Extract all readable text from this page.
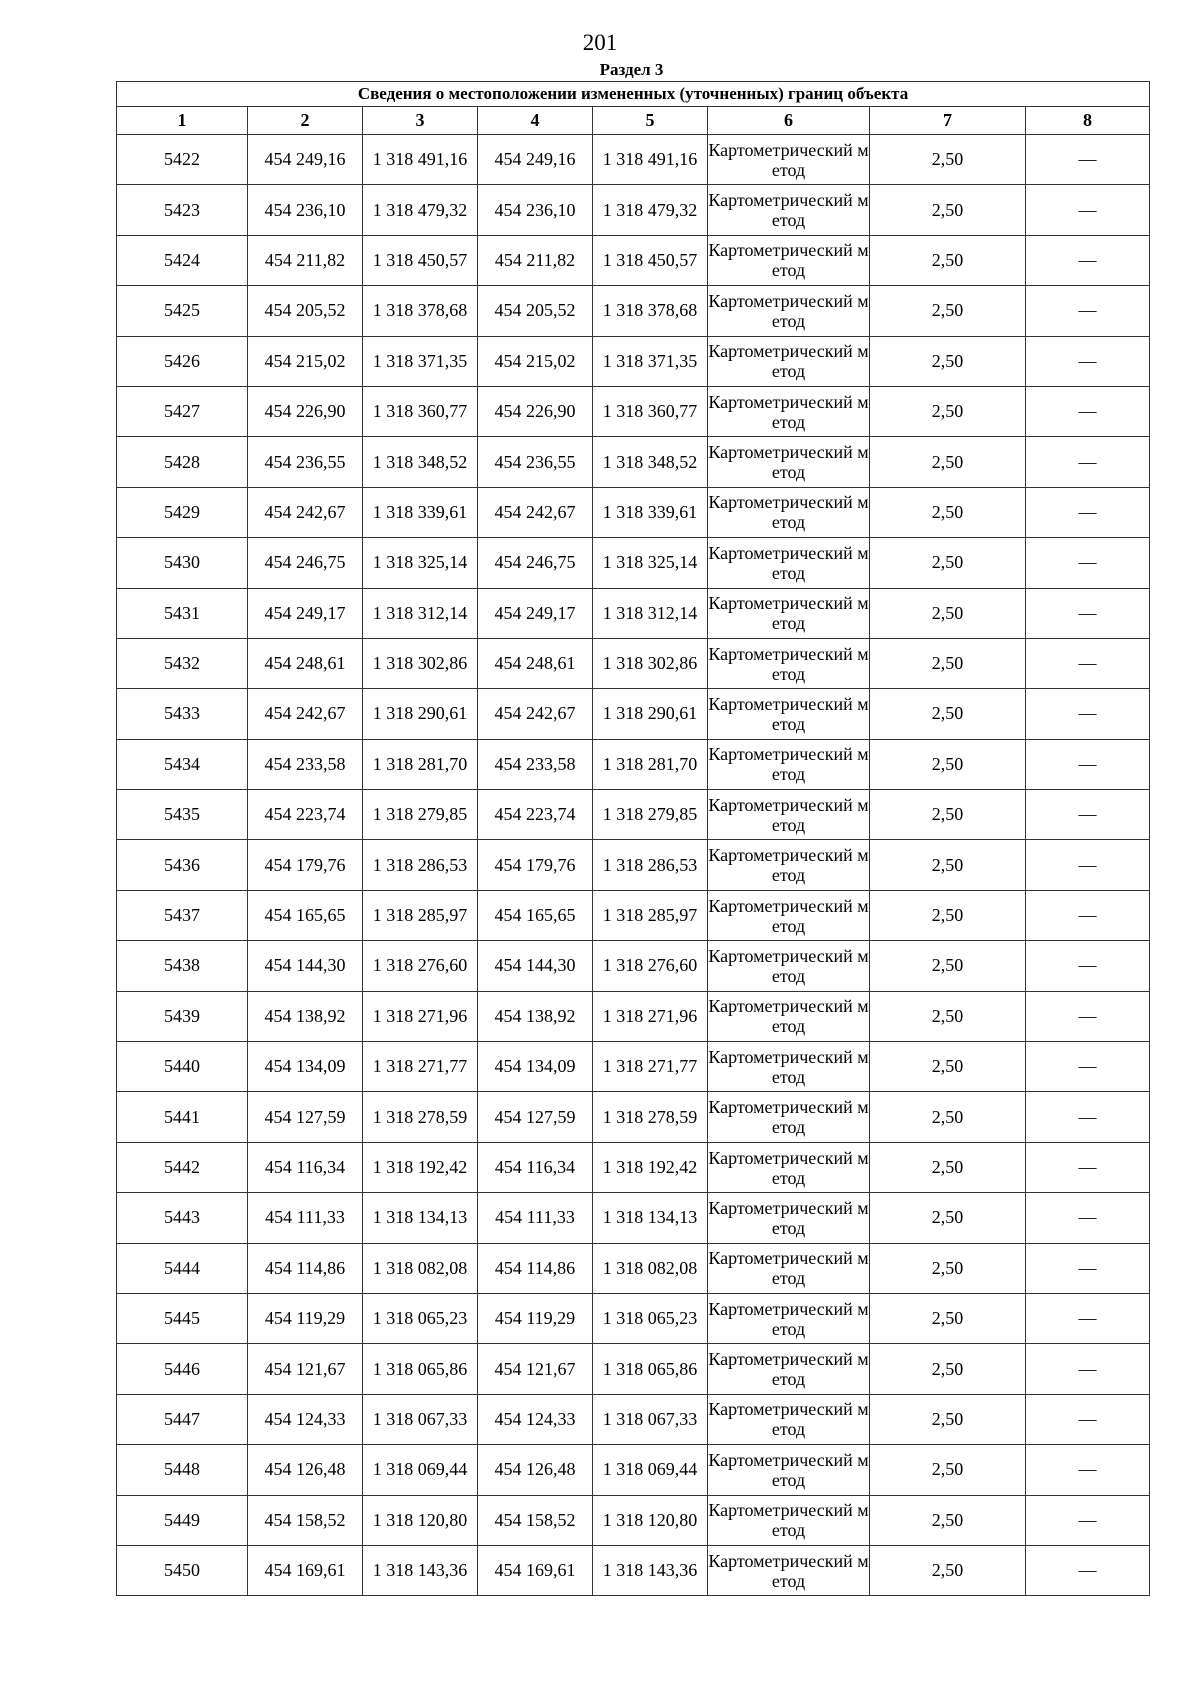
201
Раздел 3
Сведения о местоположении измененных (уточненных) границ объекта							
1	2	3	4	5	6	7	8
5422	454 249,16	1 318 491,16	454 249,16	1 318 491,16	Картометрический метод	2,50	—
5423	454 236,10	1 318 479,32	454 236,10	1 318 479,32	Картометрический метод	2,50	—
5424	454 211,82	1 318 450,57	454 211,82	1 318 450,57	Картометрический метод	2,50	—
5425	454 205,52	1 318 378,68	454 205,52	1 318 378,68	Картометрический метод	2,50	—
5426	454 215,02	1 318 371,35	454 215,02	1 318 371,35	Картометрический метод	2,50	—
5427	454 226,90	1 318 360,77	454 226,90	1 318 360,77	Картометрический метод	2,50	—
5428	454 236,55	1 318 348,52	454 236,55	1 318 348,52	Картометрический метод	2,50	—
5429	454 242,67	1 318 339,61	454 242,67	1 318 339,61	Картометрический метод	2,50	—
5430	454 246,75	1 318 325,14	454 246,75	1 318 325,14	Картометрический метод	2,50	—
5431	454 249,17	1 318 312,14	454 249,17	1 318 312,14	Картометрический метод	2,50	—
5432	454 248,61	1 318 302,86	454 248,61	1 318 302,86	Картометрический метод	2,50	—
5433	454 242,67	1 318 290,61	454 242,67	1 318 290,61	Картометрический метод	2,50	—
5434	454 233,58	1 318 281,70	454 233,58	1 318 281,70	Картометрический метод	2,50	—
5435	454 223,74	1 318 279,85	454 223,74	1 318 279,85	Картометрический метод	2,50	—
5436	454 179,76	1 318 286,53	454 179,76	1 318 286,53	Картометрический метод	2,50	—
5437	454 165,65	1 318 285,97	454 165,65	1 318 285,97	Картометрический метод	2,50	—
5438	454 144,30	1 318 276,60	454 144,30	1 318 276,60	Картометрический метод	2,50	—
5439	454 138,92	1 318 271,96	454 138,92	1 318 271,96	Картометрический метод	2,50	—
5440	454 134,09	1 318 271,77	454 134,09	1 318 271,77	Картометрический метод	2,50	—
5441	454 127,59	1 318 278,59	454 127,59	1 318 278,59	Картометрический метод	2,50	—
5442	454 116,34	1 318 192,42	454 116,34	1 318 192,42	Картометрический метод	2,50	—
5443	454 111,33	1 318 134,13	454 111,33	1 318 134,13	Картометрический метод	2,50	—
5444	454 114,86	1 318 082,08	454 114,86	1 318 082,08	Картометрический метод	2,50	—
5445	454 119,29	1 318 065,23	454 119,29	1 318 065,23	Картометрический метод	2,50	—
5446	454 121,67	1 318 065,86	454 121,67	1 318 065,86	Картометрический метод	2,50	—
5447	454 124,33	1 318 067,33	454 124,33	1 318 067,33	Картометрический метод	2,50	—
5448	454 126,48	1 318 069,44	454 126,48	1 318 069,44	Картометрический метод	2,50	—
5449	454 158,52	1 318 120,80	454 158,52	1 318 120,80	Картометрический метод	2,50	—
5450	454 169,61	1 318 143,36	454 169,61	1 318 143,36	Картометрический метод	2,50	—
